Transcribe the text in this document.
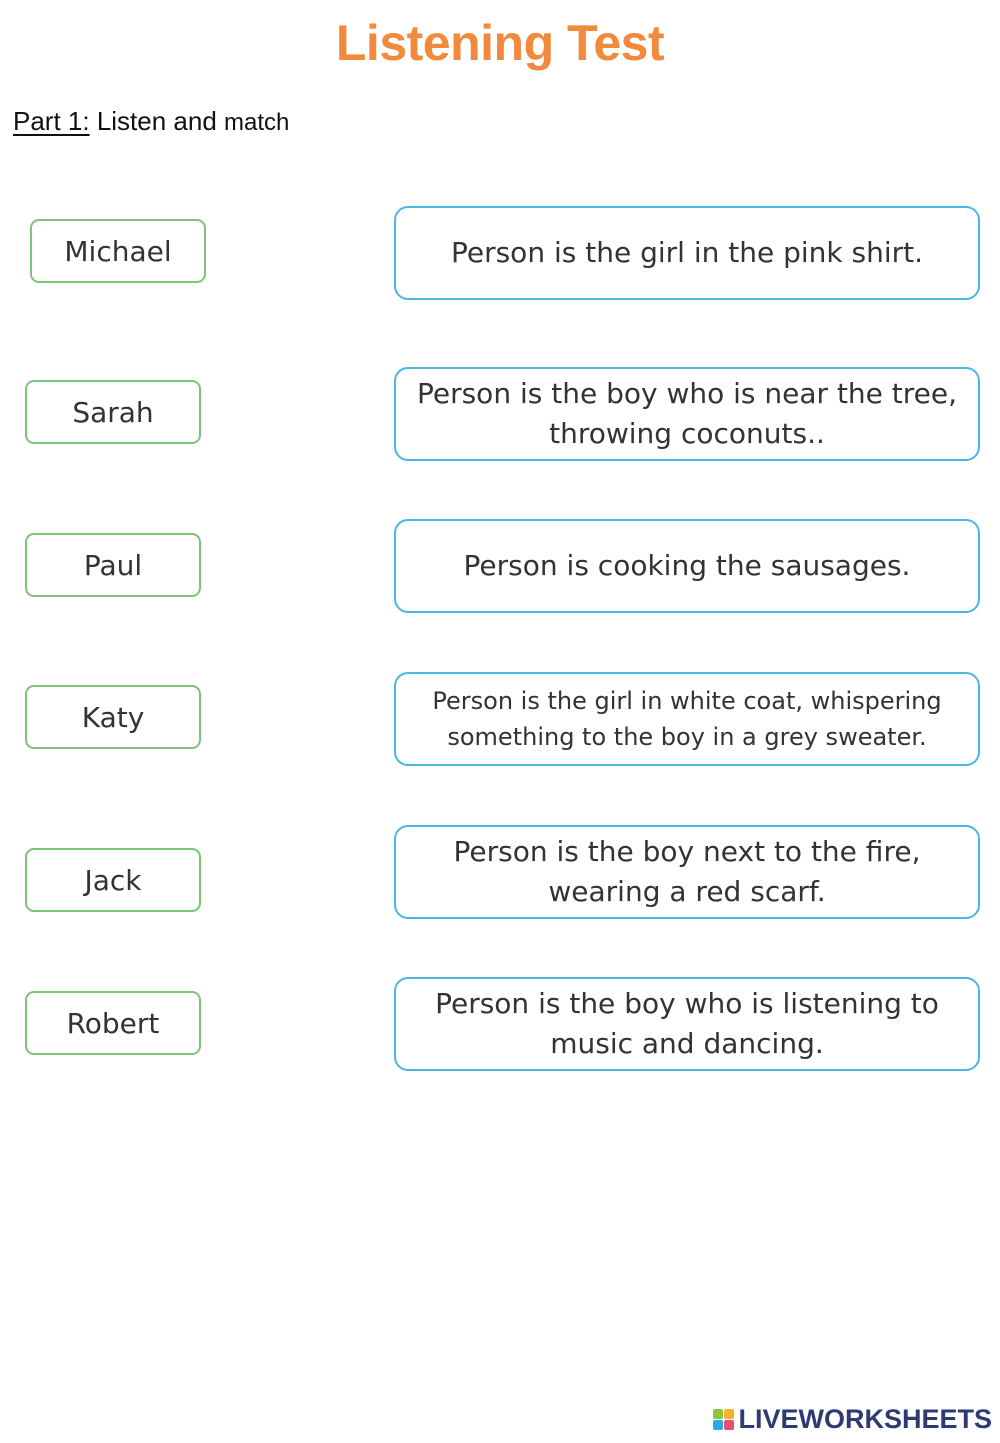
Listening Test
Part 1: Listen and match
Michael
Sarah
Paul
Katy
Jack
Robert
Person is the girl in the pink shirt.
Person is the boy who is near the tree, throwing coconuts..
Person is cooking the sausages.
Person is the girl in white coat, whispering something to the boy in a grey sweater.
Person is the boy next to the fire, wearing a red scarf.
Person is the boy who is listening to music and dancing.
LIVEWORKSHEETS
